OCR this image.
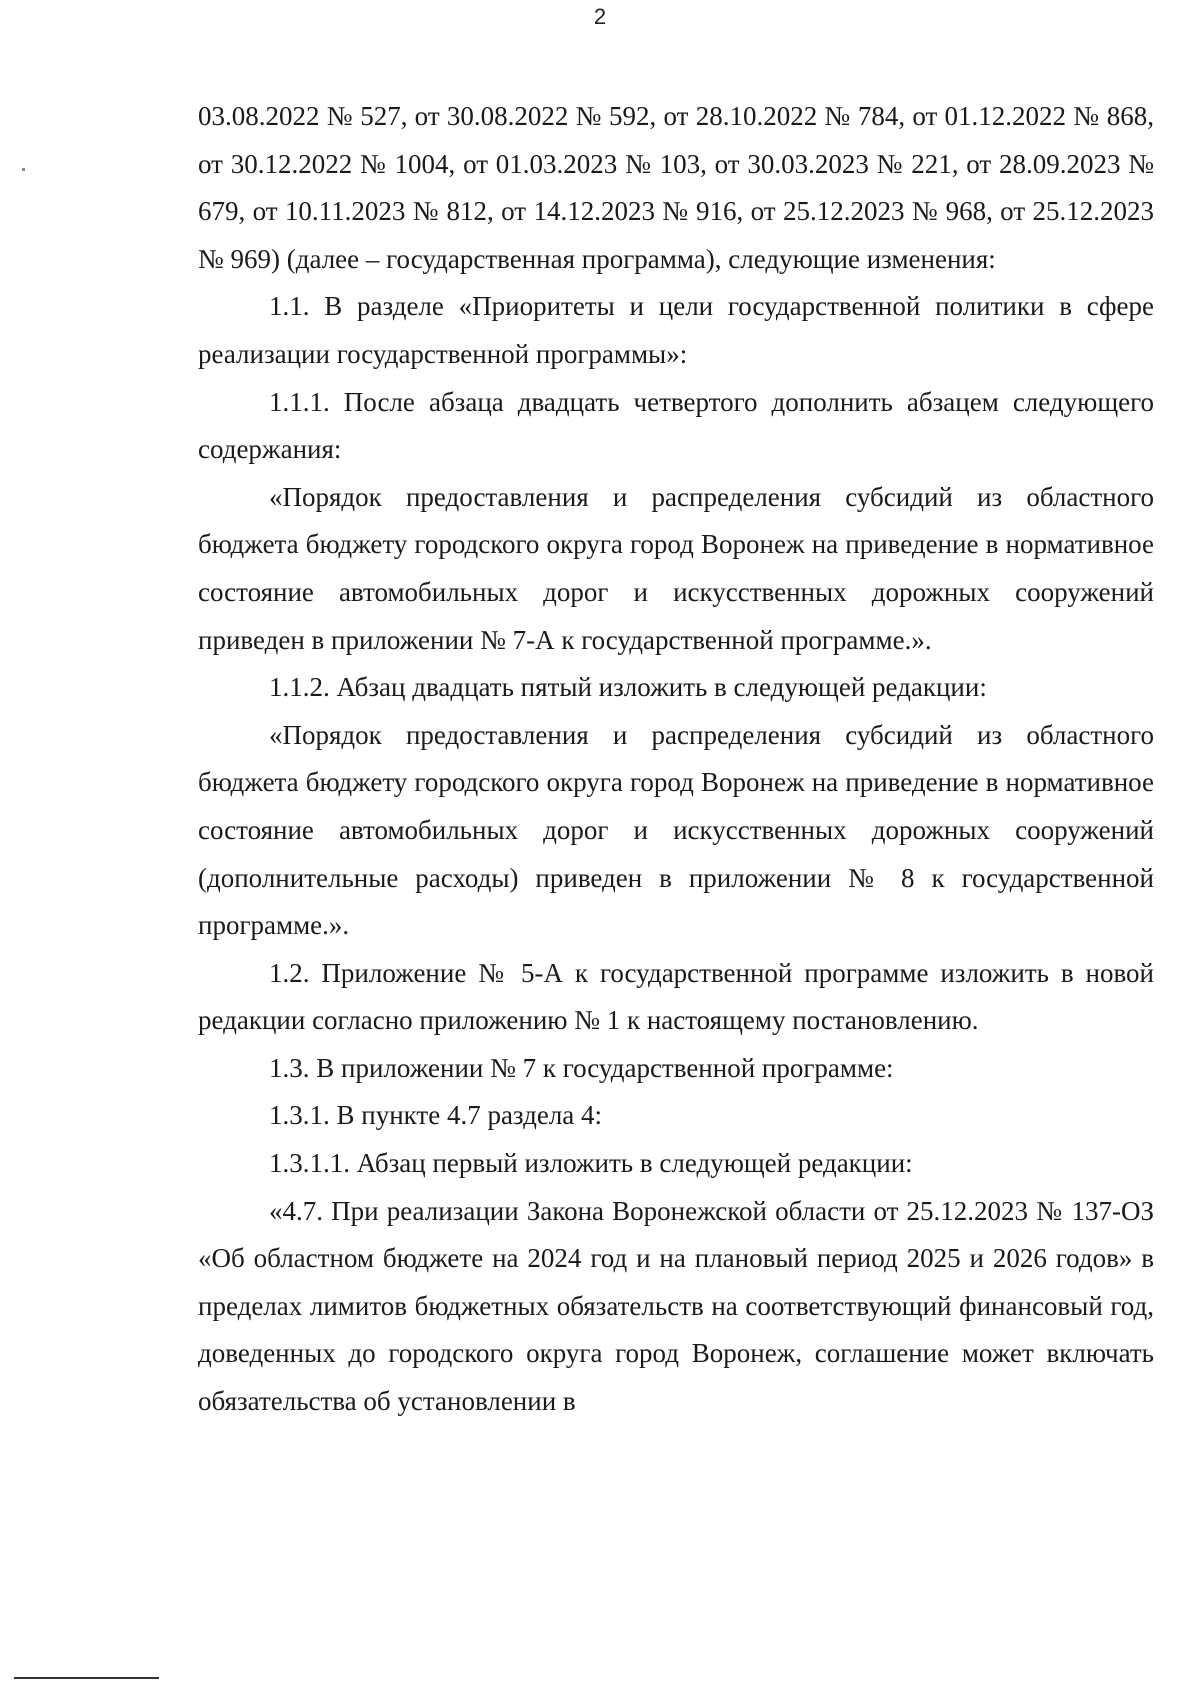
2

03.08.2022 № 527, от 30.08.2022 № 592, от 28.10.2022 № 784, от 01.12.2022 № 868, от 30.12.2022 № 1004, от 01.03.2023 № 103, от 30.03.2023 № 221, от 28.09.2023 № 679, от 10.11.2023 № 812, от 14.12.2023 № 916, от 25.12.2023 № 968, от 25.12.2023 № 969) (далее – государственная программа), следующие изменения:

1.1. В разделе «Приоритеты и цели государственной политики в сфере реализации государственной программы»:

1.1.1. После абзаца двадцать четвертого дополнить абзацем следующего содержания:

«Порядок предоставления и распределения субсидий из областного бюджета бюджету городского округа город Воронеж на приведение в нормативное состояние автомобильных дорог и искусственных дорожных сооружений приведен в приложении № 7-А к государственной программе.».

1.1.2. Абзац двадцать пятый изложить в следующей редакции:

«Порядок предоставления и распределения субсидий из областного бюджета бюджету городского округа город Воронеж на приведение в нормативное состояние автомобильных дорог и искусственных дорожных сооружений (дополнительные расходы) приведен в приложении № 8 к государственной программе.».

1.2. Приложение № 5-А к государственной программе изложить в новой редакции согласно приложению № 1 к настоящему постановлению.

1.3. В приложении № 7 к государственной программе:

1.3.1. В пункте 4.7 раздела 4:

1.3.1.1. Абзац первый изложить в следующей редакции:

«4.7. При реализации Закона Воронежской области от 25.12.2023 № 137-ОЗ «Об областном бюджете на 2024 год и на плановый период 2025 и 2026 годов» в пределах лимитов бюджетных обязательств на соответствующий финансовый год, доведенных до городского округа город Воронеж, соглашение может включать обязательства об установлении в
